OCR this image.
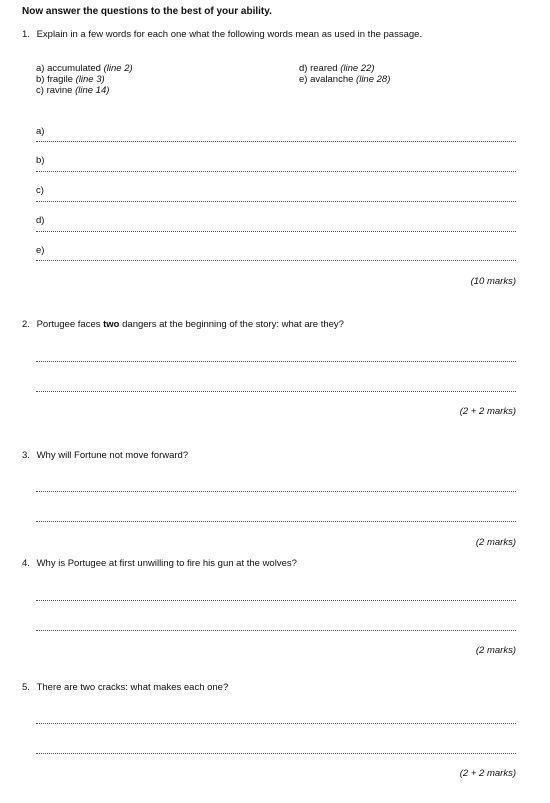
Now answer the questions to the best of your ability.
1. Explain in a few words for each one what the following words mean as used in the passage.
a) accumulated (line 2)
b) fragile (line 3)
c) ravine (line 14)
d) reared (line 22)
e) avalanche (line 28)
a)
b)
c)
d)
e)
(10 marks)
2. Portugee faces two dangers at the beginning of the story: what are they?
(2 + 2 marks)
3. Why will Fortune not move forward?
(2 marks)
4. Why is Portugee at first unwilling to fire his gun at the wolves?
(2 marks)
5. There are two cracks: what makes each one?
(2 + 2 marks)
